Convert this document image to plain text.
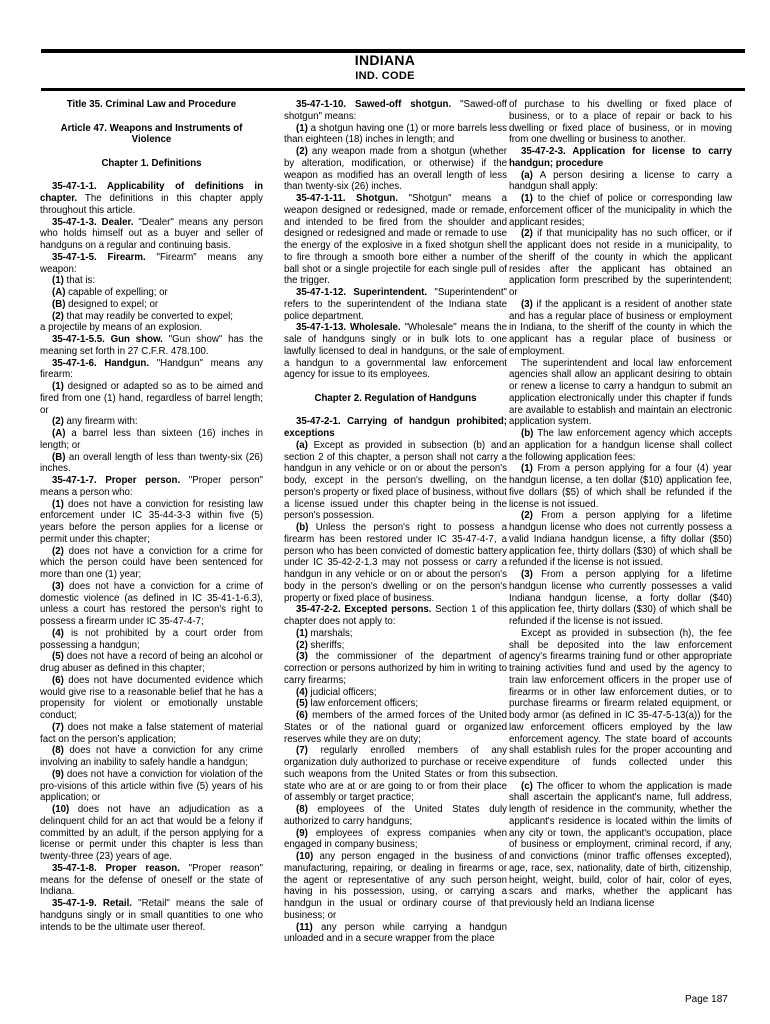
INDIANA
IND. CODE

Title 35. Criminal Law and Procedure

Article 47. Weapons and Instruments of Violence

Chapter 1. Definitions

35-47-1-1. Applicability of definitions in chapter. The definitions in this chapter apply throughout this article.

35-47-1-3. Dealer. "Dealer" means any person who holds himself out as a buyer and seller of handguns on a regular and continuing basis.

35-47-1-5. Firearm. "Firearm" means any weapon:

(1) that is:

(A) capable of expelling; or

(B) designed to expel; or

(2) that may readily be converted to expel;

a projectile by means of an explosion.

35-47-1-5.5. Gun show. "Gun show" has the meaning set forth in 27 C.F.R. 478.100.

35-47-1-6. Handgun. "Handgun" means any firearm:

(1) designed or adapted so as to be aimed and fired from one (1) hand, regardless of barrel length; or

(2) any firearm with:

(A) a barrel less than sixteen (16) inches in length; or

(B) an overall length of less than twenty-six (26) inches.

35-47-1-7. Proper person. "Proper person" means a person who:

(1) does not have a conviction for resisting law enforcement under IC 35-44-3-3 within five (5) years before the person applies for a license or permit under this chapter;

(2) does not have a conviction for a crime for which the person could have been sentenced for more than one (1) year;

(3) does not have a conviction for a crime of domestic violence (as defined in IC 35-41-1-6.3), unless a court has restored the person's right to possess a firearm under IC 35-47-4-7;

(4) is not prohibited by a court order from possessing a handgun;

(5) does not have a record of being an alcohol or drug abuser as defined in this chapter;

(6) does not have documented evidence which would give rise to a reasonable belief that he has a propensity for violent or emotionally unstable conduct;

(7) does not make a false statement of material fact on the person’s application;

(8) does not have a conviction for any crime involving an inability to safely handle a handgun;

(9) does not have a conviction for violation of the pro-visions of this article within five (5) years of his application; or

(10) does not have an adjudication as a delinquent child for an act that would be a felony if committed by an adult, if the person applying for a license or permit under this chapter is less than twenty-three (23) years of age.

35-47-1-8. Proper reason. "Proper reason" means for the defense of oneself or the state of Indiana.

35-47-1-9. Retail. "Retail" means the sale of handguns singly or in small quantities to one who intends to be the ultimate user thereof.

35-47-1-10. Sawed-off shotgun. "Sawed-off shotgun" means:

(1) a shotgun having one (1) or more barrels less than eighteen (18) inches in length; and

(2) any weapon made from a shotgun (whether by alteration, modification, or otherwise) if the weapon as modified has an overall length of less than twenty-six (26) inches.

35-47-1-11. Shotgun. "Shotgun" means a weapon designed or redesigned, made or remade, and intended to be fired from the shoulder and designed or redesigned and made or remade to use the energy of the explosive in a fixed shotgun shell to fire through a smooth bore either a number of ball shot or a single projectile for each single pull of the trigger.

35-47-1-12. Superintendent. "Superintendent" refers to the superintendent of the Indiana state police department.

35-47-1-13. Wholesale. "Wholesale" means the sale of handguns singly or in bulk lots to one lawfully licensed to deal in handguns, or the sale of a handgun to a governmental law enforcement agency for issue to its employees.

Chapter 2. Regulation of Handguns

35-47-2-1. Carrying of handgun prohibited; exceptions

(a) Except as provided in subsection (b) and section 2 of this chapter, a person shall not carry a handgun in any vehicle or on or about the person's body, except in the person's dwelling, on the person's property or fixed place of business, without a license issued under this chapter being in the person's possession.

(b) Unless the person's right to possess a firearm has been restored under IC 35-47-4-7, a person who has been convicted of domestic battery under IC 35-42-2-1.3 may not possess or carry a handgun in any vehicle or on or about the person's body in the person's dwelling or on the person's property or fixed place of business.

35-47-2-2. Excepted persons. Section 1 of this chapter does not apply to:

(1) marshals;

(2) sheriffs;

(3) the commissioner of the department of correction or persons authorized by him in writing to carry firearms;

(4) judicial officers;

(5) law enforcement officers;

(6) members of the armed forces of the United States or of the national guard or organized reserves while they are on duty;

(7) regularly enrolled members of any organization duly authorized to purchase or receive such weapons from the United States or from this state who are at or are going to or from their place of assembly or target practice;

(8) employees of the United States duly authorized to carry handguns;

(9) employees of express companies when engaged in company business;

(10) any person engaged in the business of manufacturing, repairing, or dealing in firearms or the agent or representative of any such person having in his possession, using, or carrying a handgun in the usual or ordinary course of that business; or

(11) any person while carrying a handgun unloaded and in a secure wrapper from the place

of purchase to his dwelling or fixed place of business, or to a place of repair or back to his dwelling or fixed place of business, or in moving from one dwelling or business to another.

35-47-2-3. Application for license to carry handgun; procedure

(a) A person desiring a license to carry a handgun shall apply:

(1) to the chief of police or corresponding law enforcement officer of the municipality in which the applicant resides;

(2) if that municipality has no such officer, or if the applicant does not reside in a municipality, to the sheriff of the county in which the applicant resides after the applicant has obtained an application form prescribed by the superintendent; or

(3) if the applicant is a resident of another state and has a regular place of business or employment in Indiana, to the sheriff of the county in which the applicant has a regular place of business or employment.

The superintendent and local law enforcement agencies shall allow an applicant desiring to obtain or renew a license to carry a handgun to submit an application electronically under this chapter if funds are available to establish and maintain an electronic application system.

(b) The law enforcement agency which accepts an application for a handgun license shall collect the following application fees:

(1) From a person applying for a four (4) year handgun license, a ten dollar ($10) application fee, five dollars ($5) of which shall be refunded if the license is not issued.

(2) From a person applying for a lifetime handgun license who does not currently possess a valid Indiana handgun license, a fifty dollar ($50) application fee, thirty dollars ($30) of which shall be refunded if the license is not issued.

(3) From a person applying for a lifetime handgun license who currently possesses a valid Indiana handgun license, a forty dollar ($40) application fee, thirty dollars ($30) of which shall be refunded if the license is not issued.

Except as provided in subsection (h), the fee shall be deposited into the law enforcement agency's firearms training fund or other appropriate training activities fund and used by the agency to train law enforcement officers in the proper use of firearms or in other law enforcement duties, or to purchase firearms or firearm related equipment, or body armor (as defined in IC 35-47-5-13(a)) for the law enforcement officers employed by the law enforcement agency. The state board of accounts shall establish rules for the proper accounting and expenditure of funds collected under this subsection.

(c) The officer to whom the application is made shall ascertain the applicant's name, full address, length of residence in the community, whether the applicant's residence is located within the limits of any city or town, the applicant's occupation, place of business or employment, criminal record, if any, and convictions (minor traffic offenses excepted), age, race, sex, nationality, date of birth, citizenship, height, weight, build, color of hair, color of eyes, scars and marks, whether the applicant has previously held an Indiana license

Page 187
